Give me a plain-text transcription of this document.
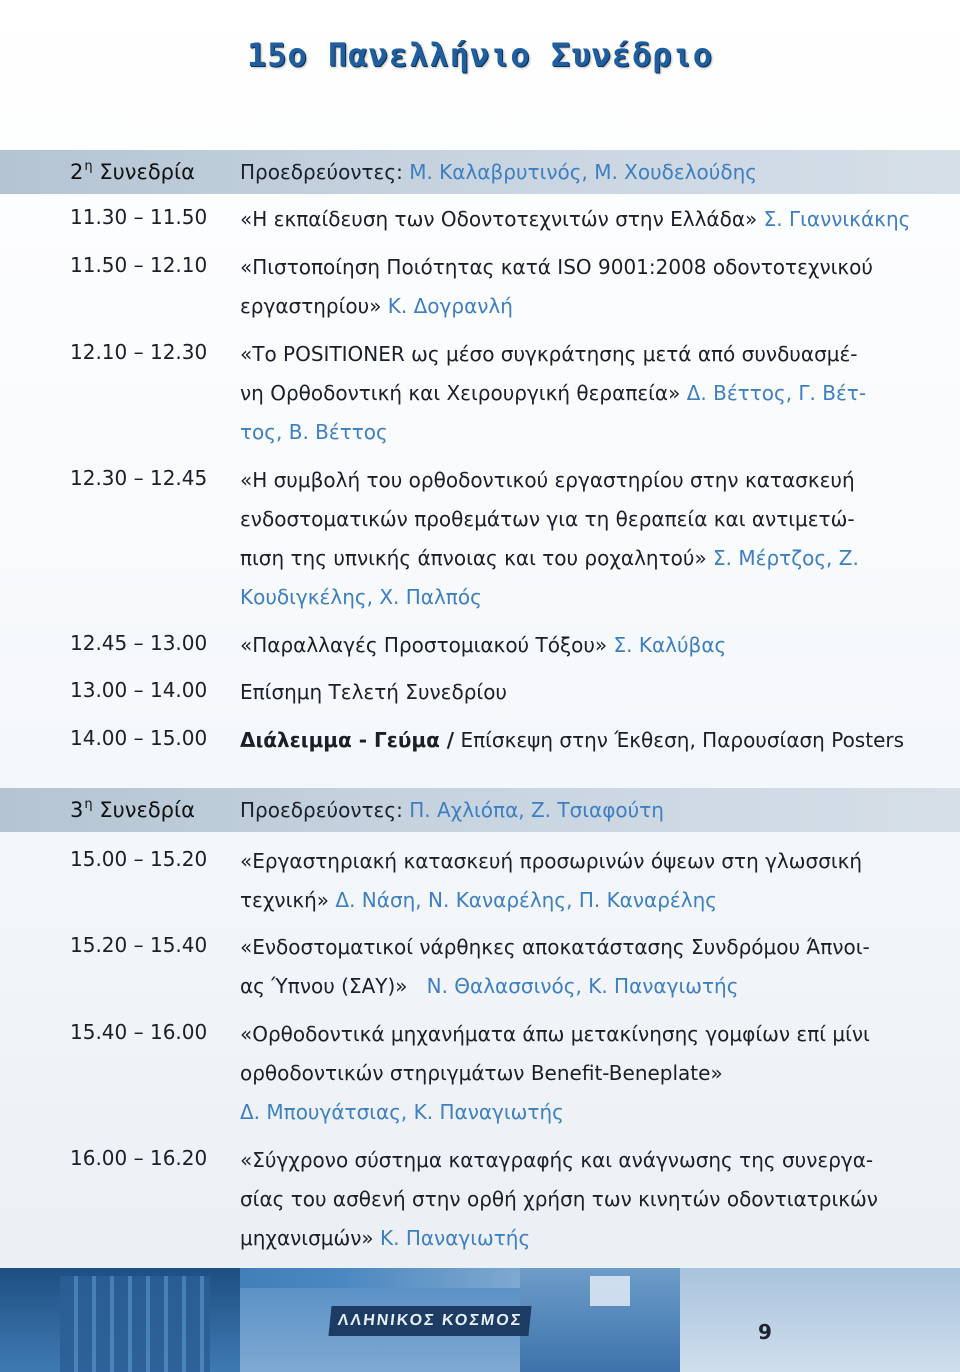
15ο Πανελλήνιο Συνέδριο
$2^\eta$ Συνεδρία Προεδρεύοντες: Μ. Καλαβρυτινός, Μ. Χουδελούδης
11.30 – 11.50 «Η εκπαίδευση των Οδοντοτεχνιτών στην Ελλάδα» Σ. Γιαννικάκης
11.50 – 12.10 «Πιστοποίηση Ποιότητας κατά ISO 9001:2008 οδοντοτεχνικού
εργαστηρίου» Κ. Δογρανλή
12.10 – 12.30 «Το POSITIONER ως μέσο συγκράτησης μετά από συνδυασμέ-
νη Ορθοδοντική και Χειρουργική θεραπεία» Δ. Βέττος, Γ. Βέτ-
τος, Β. Βέττος
12.30 – 12.45 «Η συμβολή του ορθοδοντικού εργαστηρίου στην κατασκευή
ενδοστοματικών προθεμάτων για τη θεραπεία και αντιμετώ-
πιση της υπνικής άπνοιας και του ροχαλητού» Σ. Μέρτζος, Ζ.
Κουδιγκέλης, Χ. Παλπός
12.45 – 13.00 «Παραλλαγές Προστομιακού Τόξου» Σ. Καλύβας
13.00 – 14.00 Επίσημη Τελετή Συνεδρίου
14.00 – 15.00 Διάλειμμα - Γεύμα / Επίσκεψη στην Έκθεση, Παρουσίαση Posters
$3^\eta$ Συνεδρία Προεδρεύοντες: Π. Αχλιόπα, Ζ. Τσιαφούτη
15.00 – 15.20 «Εργαστηριακή κατασκευή προσωρινών όψεων στη γλωσσική
τεχνική» Δ. Νάση, Ν. Καναρέλης, Π. Καναρέλης
15.20 – 15.40 «Ενδοστοματικοί νάρθηκες αποκατάστασης Συνδρόμου Άπνοι-
ας Ύπνου (ΣΑΥ)»   Ν. Θαλασσινός, Κ. Παναγιωτής
15.40 – 16.00 «Ορθοδοντικά μηχανήματα άπω μετακίνησης γομφίων επί μίνι
ορθοδοντικών στηριγμάτων Benefit-Beneplate»
Δ. Μπουγάτσιας, Κ. Παναγιωτής
16.00 – 16.20 «Σύγχρονο σύστημα καταγραφής και ανάγνωσης της συνεργα-
σίας του ασθενή στην ορθή χρήση των κινητών οδοντιατρικών
μηχανισμών» Κ. Παναγιωτής
ΛΛΗΝΙΚΟΣ ΚΟΣΜΟΣ	9
